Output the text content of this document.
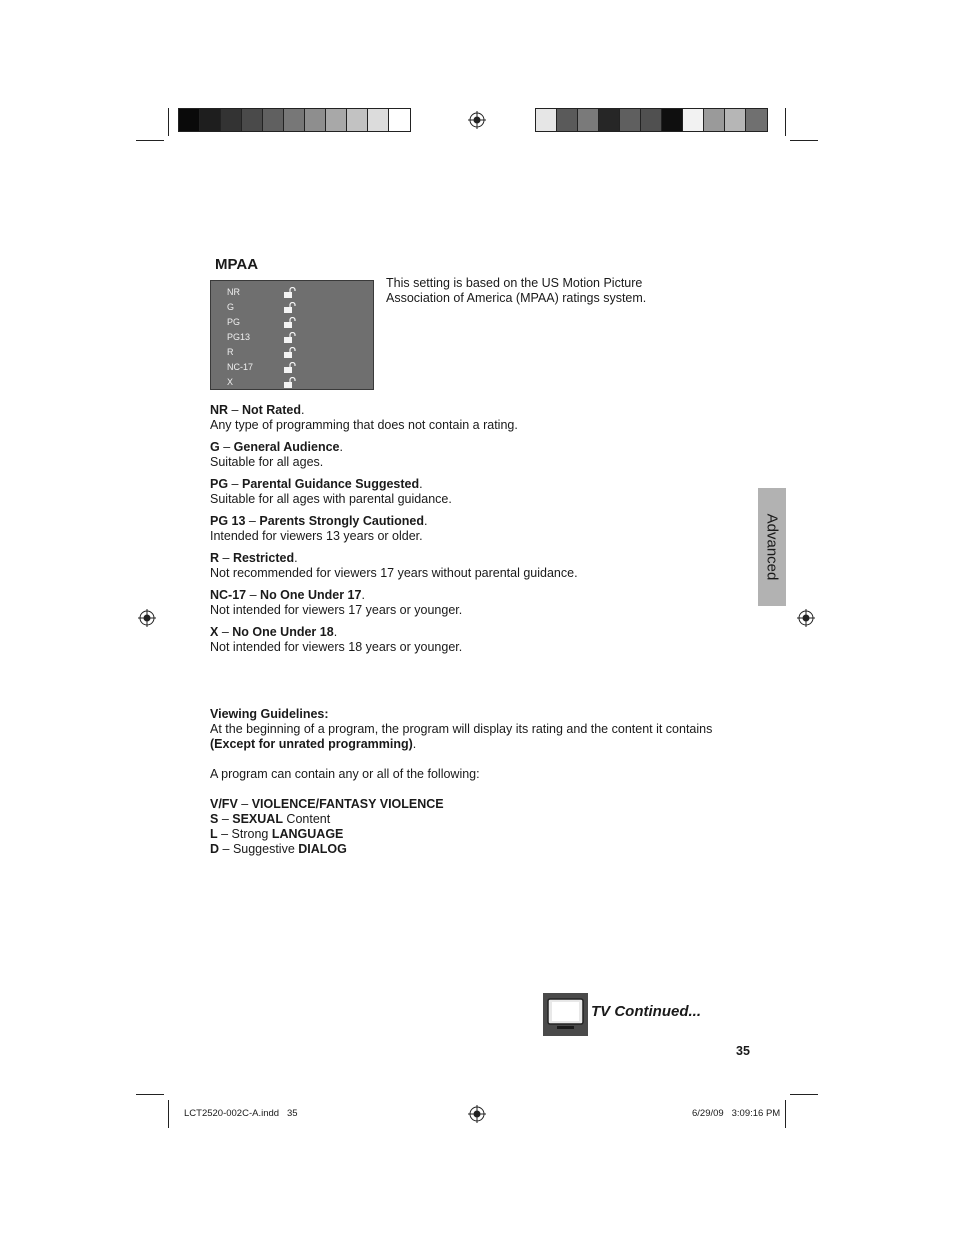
MPAA
NR
G
PG
PG13
R
NC-17
X
This setting is based on the US Motion Picture Association of America (MPAA) ratings system.
NR – Not Rated.
Any type of programming that does not contain a rating.
G – General Audience.
Suitable for all ages.
PG – Parental Guidance Suggested.
Suitable for all ages with parental guidance.
PG 13 – Parents Strongly Cautioned.
Intended for viewers 13 years or older.
R – Restricted.
Not recommended for viewers 17 years without parental guidance.
NC-17 – No One Under 17.
Not intended for viewers 17 years or younger.
X – No One Under 18.
Not intended for viewers 18 years or younger.
Viewing Guidelines:
At the beginning of a program, the program will display its rating and the content it contains
(Except for unrated programming).
A program can contain any or all of the following:
V/FV – VIOLENCE/FANTASY VIOLENCE
S – SEXUAL Content
L – Strong LANGUAGE
D – Suggestive DIALOG
Advanced
TV Continued...
35
LCT2520-002C-A.indd   35	6/29/09   3:09:16 PM
